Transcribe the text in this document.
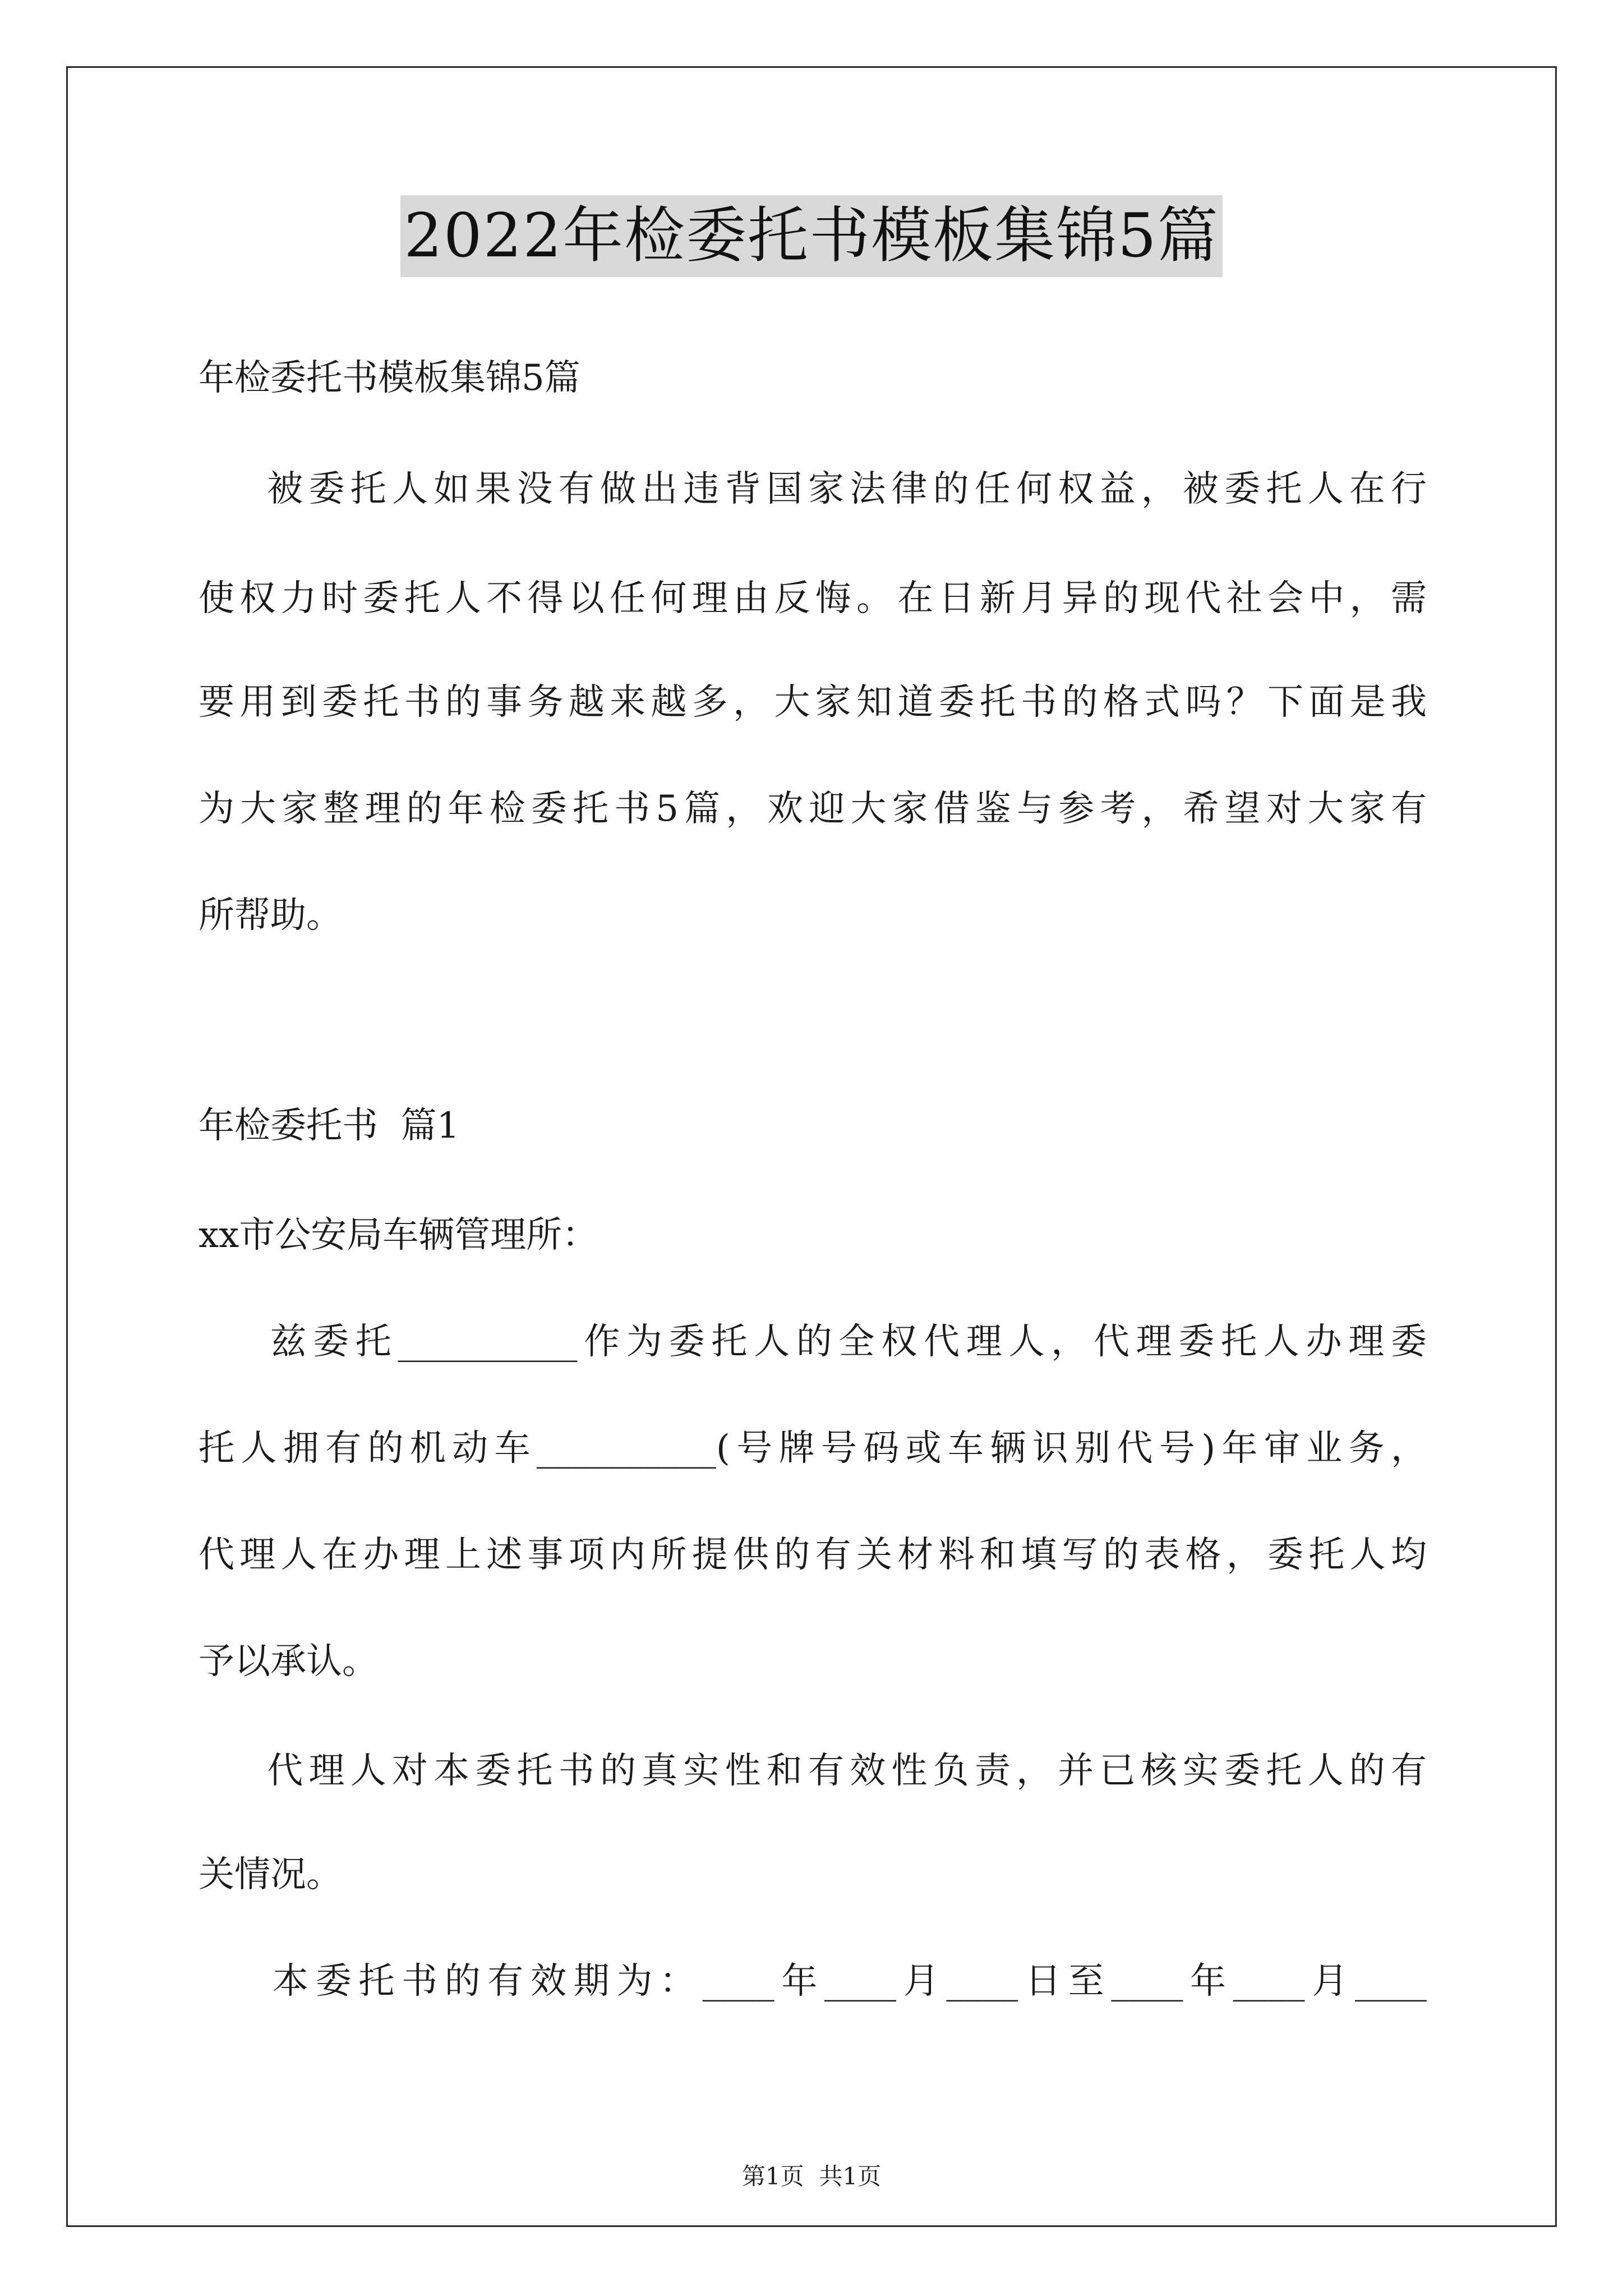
2022年检委托书模板集锦5篇
年检委托书模板集锦5篇
被委托人如果没有做出违背国家法律的任何权益，被委托人在行
使权力时委托人不得以任何理由反悔。在日新月异的现代社会中，需
要用到委托书的事务越来越多，大家知道委托书的格式吗？下面是我
为大家整理的年检委托书5篇，欢迎大家借鉴与参考，希望对大家有
所帮助。
年检委托书  篇1
xx市公安局车辆管理所：
兹委托__________作为委托人的全权代理人，代理委托人办理委
托人拥有的机动车__________(号牌号码或车辆识别代号)年审业务，
代理人在办理上述事项内所提供的有关材料和填写的表格，委托人均
予以承认。
代理人对本委托书的真实性和有效性负责，并已核实委托人的有
关情况。
本委托书的有效期为：____年____月____日至____年____月____
第1页  共1页
